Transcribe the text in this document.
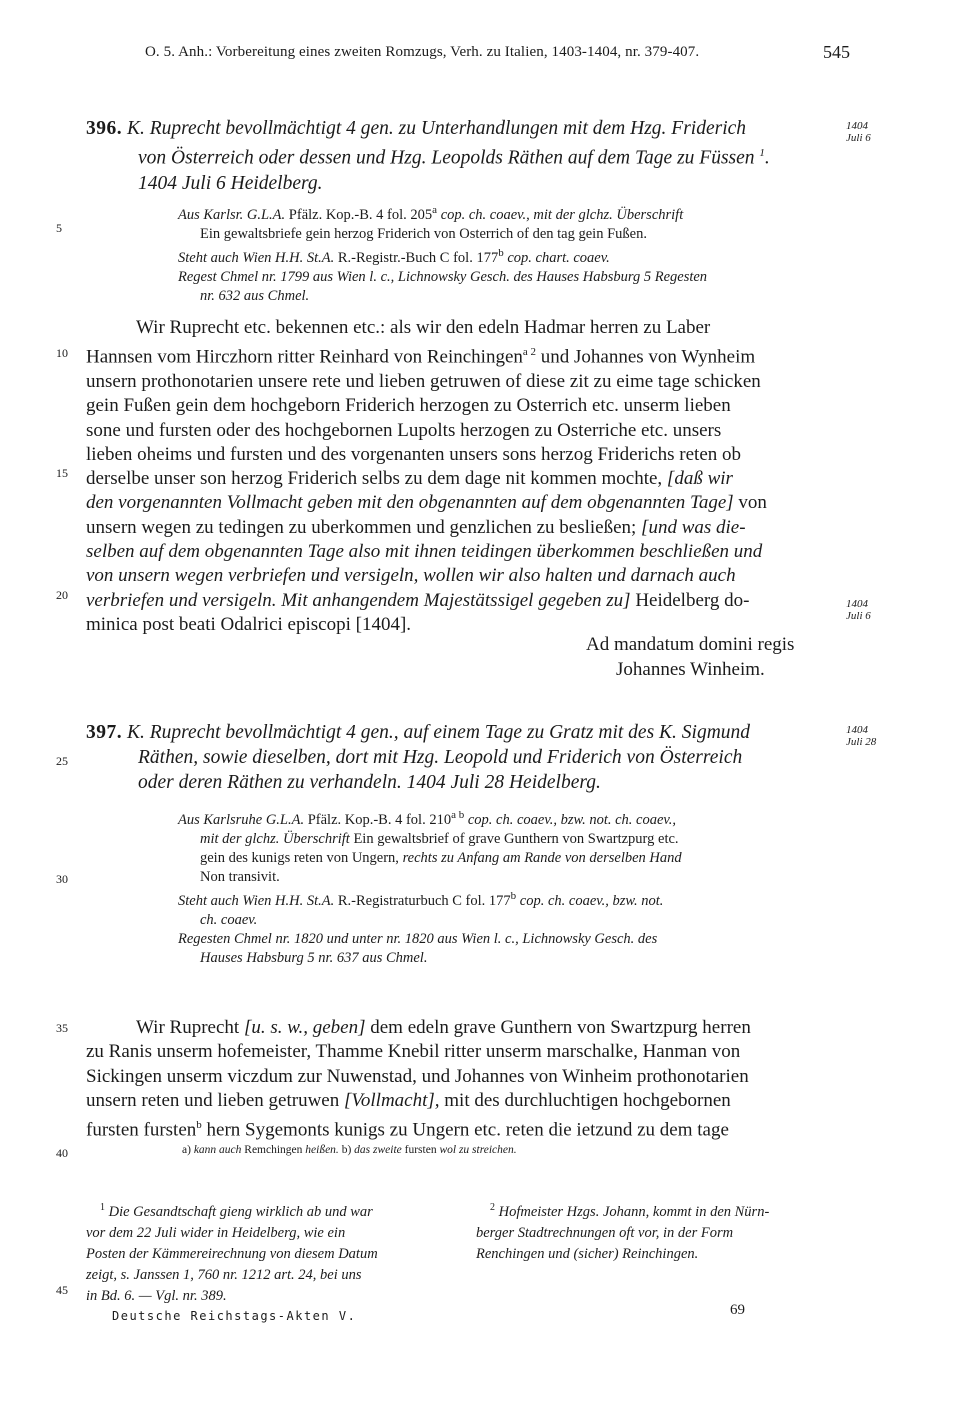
O. 5. Anh.: Vorbereitung eines zweiten Romzugs, Verh. zu Italien, 1403-1404, nr. 379-407.	545
5
10
15
20
25
30
35
40
45
396. K. Ruprecht bevollmächtigt 4 gen. zu Unterhandlungen mit dem Hzg. Friderich
von Österreich oder dessen und Hzg. Leopolds Räthen auf dem Tage zu Füssen $^1$.
1404 Juli 6 Heidelberg.
1404
Juli 6

Aus Karlsr. G.L.A. Pfälz. Kop.-B. 4 fol. 205$^a$ cop. ch. coaev., mit der glchz. Überschrift

Ein gewaltsbriefe gein herzog Friderich von Osterrich of den tag gein Fußen.

Steht auch Wien H.H. St.A. R.-Registr.-Buch C fol. 177$^b$ cop. chart. coaev.

Regest Chmel nr. 1799 aus Wien l. c., Lichnowsky Gesch. des Hauses Habsburg 5 Regesten

nr. 632 aus Chmel.

Wir Ruprecht etc. bekennen etc.: als wir den edeln Hadmar herren zu Laber

Hannsen vom Hirczhorn ritter Reinhard von Reinchingen$^{a 2}$ und Johannes von Wynheim

unsern prothonotarien unsere rete und lieben getruwen of diese zit zu eime tage schicken

gein Fußen gein dem hochgeborn Friderich herzogen zu Osterrich etc. unserm lieben

sone und fursten oder des hochgebornen Lupolts herzogen zu Osterriche etc. unsers

lieben oheims und fursten und des vorgenanten unsers sons herzog Friderichs reten ob

derselbe unser son herzog Friderich selbs zu dem dage nit kommen mochte, [daß wir

den vorgenannten Vollmacht geben mit den obgenannten auf dem obgenannten Tage] von

unsern wegen zu tedingen zu uberkommen und genzlichen zu besließen; [und was die-

selben auf dem obgenannten Tage also mit ihnen teidingen überkommen beschließen und

von unsern wegen verbriefen und versigeln, wollen wir also halten und darnach auch

verbriefen und versigeln. Mit anhangendem Majestätssigel gegeben zu] Heidelberg do-

minica post beati Odalrici episcopi [1404].

1404
Juli 6
Ad mandatum domini regis
Johannes Winheim.
397. K. Ruprecht bevollmächtigt 4 gen., auf einem Tage zu Gratz mit des K. Sigmund
Räthen, sowie dieselben, dort mit Hzg. Leopold und Friderich von Österreich
oder deren Räthen zu verhandeln. 1404 Juli 28 Heidelberg.
1404
Juli 28

Aus Karlsruhe G.L.A. Pfälz. Kop.-B. 4 fol. $210^{a b}$ cop. ch. coaev., bzw. not. ch. coaev.,

mit der glchz. Überschrift Ein gewaltsbrief of grave Gunthern von Swartzpurg etc.

gein des kunigs reten von Ungern, rechts zu Anfang am Rande von derselben Hand

Non transivit.

Steht auch Wien H.H. St.A. R.-Registraturbuch C fol. 177$^b$ cop. ch. coaev., bzw. not.

ch. coaev.

Regesten Chmel nr. 1820 und unter nr. 1820 aus Wien l. c., Lichnowsky Gesch. des

Hauses Habsburg 5 nr. 637 aus Chmel.

Wir Ruprecht [u. s. w., geben] dem edeln grave Gunthern von Swartzpurg herren

zu Ranis unserm hofemeister, Thamme Knebil ritter unserm marschalke, Hanman von

Sickingen unserm viczdum zur Nuwenstad, und Johannes von Winheim prothonotarien

unsern reten und lieben getruwen [Vollmacht], mit des durchluchtigen hochgebornen

fursten fursten$^b$ hern Sygemonts kunigs zu Ungern etc. reten die ietzund zu dem tage

a) kann auch Remchingen heißen. b) das zweite fursten wol zu streichen.
$^1$ Die Gesandtschaft gieng wirklich ab und war
vor dem 22 Juli wider in Heidelberg, wie ein
Posten der Kämmereirechnung von diesem Datum
zeigt, s. Janssen 1, 760 nr. 1212 art. 24, bei uns
in Bd. 6. — Vgl. nr. 389.
$^2$ Hofmeister Hzgs. Johann, kommt in den Nürn-
berger Stadtrechnungen oft vor, in der Form
Renchingen und (sicher) Reinchingen.
Deutsche Reichstags-Akten V.	69
